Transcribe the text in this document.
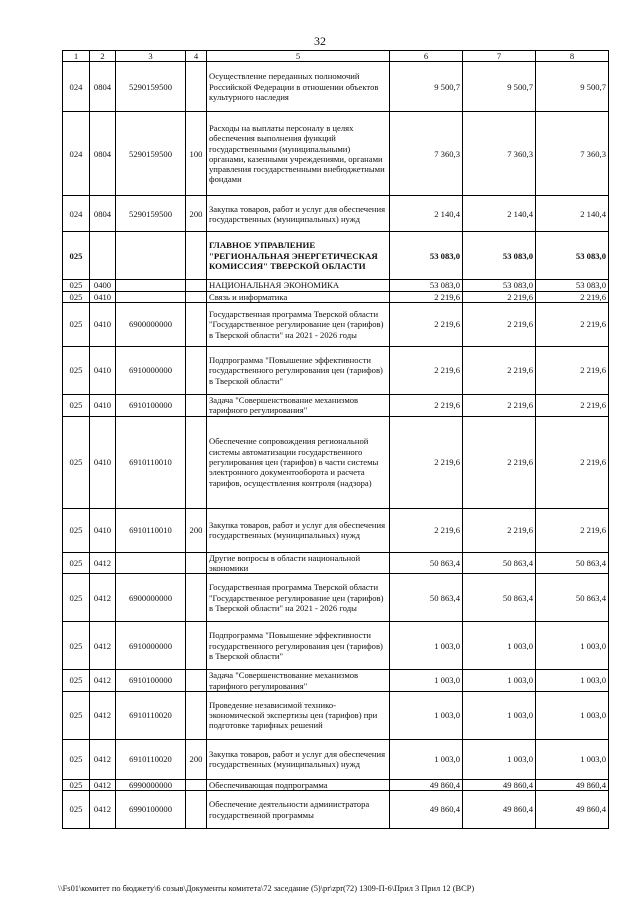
32
1	2	3	4	5	6	7	8
024	0804	5290159500		Осуществление переданных полномочий Российской Федерации в отношении объектов культурного наследия	9 500,7	9 500,7	9 500,7
024	0804	5290159500	100	Расходы на выплаты персоналу в целях обеспечения выполнения функций государственными (муниципальными) органами, казенными учреждениями, органами управления государственными внебюджетными фондами	7 360,3	7 360,3	7 360,3
024	0804	5290159500	200	Закупка товаров, работ и услуг для обеспечения государственных (муниципальных) нужд	2 140,4	2 140,4	2 140,4
025				ГЛАВНОЕ УПРАВЛЕНИЕ "РЕГИОНАЛЬНАЯ ЭНЕРГЕТИЧЕСКАЯ КОМИССИЯ" ТВЕРСКОЙ ОБЛАСТИ	53 083,0	53 083,0	53 083,0
025	0400			НАЦИОНАЛЬНАЯ ЭКОНОМИКА	53 083,0	53 083,0	53 083,0
025	0410			Связь и информатика	2 219,6	2 219,6	2 219,6
025	0410	6900000000		Государственная программа Тверской области "Государственное регулирование цен (тарифов) в Тверской области" на 2021 - 2026 годы	2 219,6	2 219,6	2 219,6
025	0410	6910000000		Подпрограмма "Повышение эффективности государственного регулирования цен (тарифов) в Тверской области"	2 219,6	2 219,6	2 219,6
025	0410	6910100000		Задача "Совершенствование механизмов тарифного регулирования"	2 219,6	2 219,6	2 219,6
025	0410	6910110010		Обеспечение сопровождения региональной системы автоматизации государственного регулирования цен (тарифов) в части системы электронного документооборота и расчета тарифов, осуществления контроля (надзора)	2 219,6	2 219,6	2 219,6
025	0410	6910110010	200	Закупка товаров, работ и услуг для обеспечения государственных (муниципальных) нужд	2 219,6	2 219,6	2 219,6
025	0412			Другие вопросы в области национальной экономики	50 863,4	50 863,4	50 863,4
025	0412	6900000000		Государственная программа Тверской области "Государственное регулирование цен (тарифов) в Тверской области" на 2021 - 2026 годы	50 863,4	50 863,4	50 863,4
025	0412	6910000000		Подпрограмма "Повышение эффективности государственного регулирования цен (тарифов) в Тверской области"	1 003,0	1 003,0	1 003,0
025	0412	6910100000		Задача "Совершенствование механизмов тарифного регулирования"	1 003,0	1 003,0	1 003,0
025	0412	6910110020		Проведение независимой технико-экономической экспертизы цен (тарифов) при подготовке тарифных решений	1 003,0	1 003,0	1 003,0
025	0412	6910110020	200	Закупка товаров, работ и услуг для обеспечения государственных (муниципальных) нужд	1 003,0	1 003,0	1 003,0
025	0412	6990000000		Обеспечивающая подпрограмма	49 860,4	49 860,4	49 860,4
025	0412	6990100000		Обеспечение деятельности администратора государственной программы	49 860,4	49 860,4	49 860,4
\\Fs01\комитет по бюджету\6 созыв\Документы комитета\72 заседание (5)\pr\zpr(72) 1309-П-6\Прил 3 Прил 12 (ВСР)
